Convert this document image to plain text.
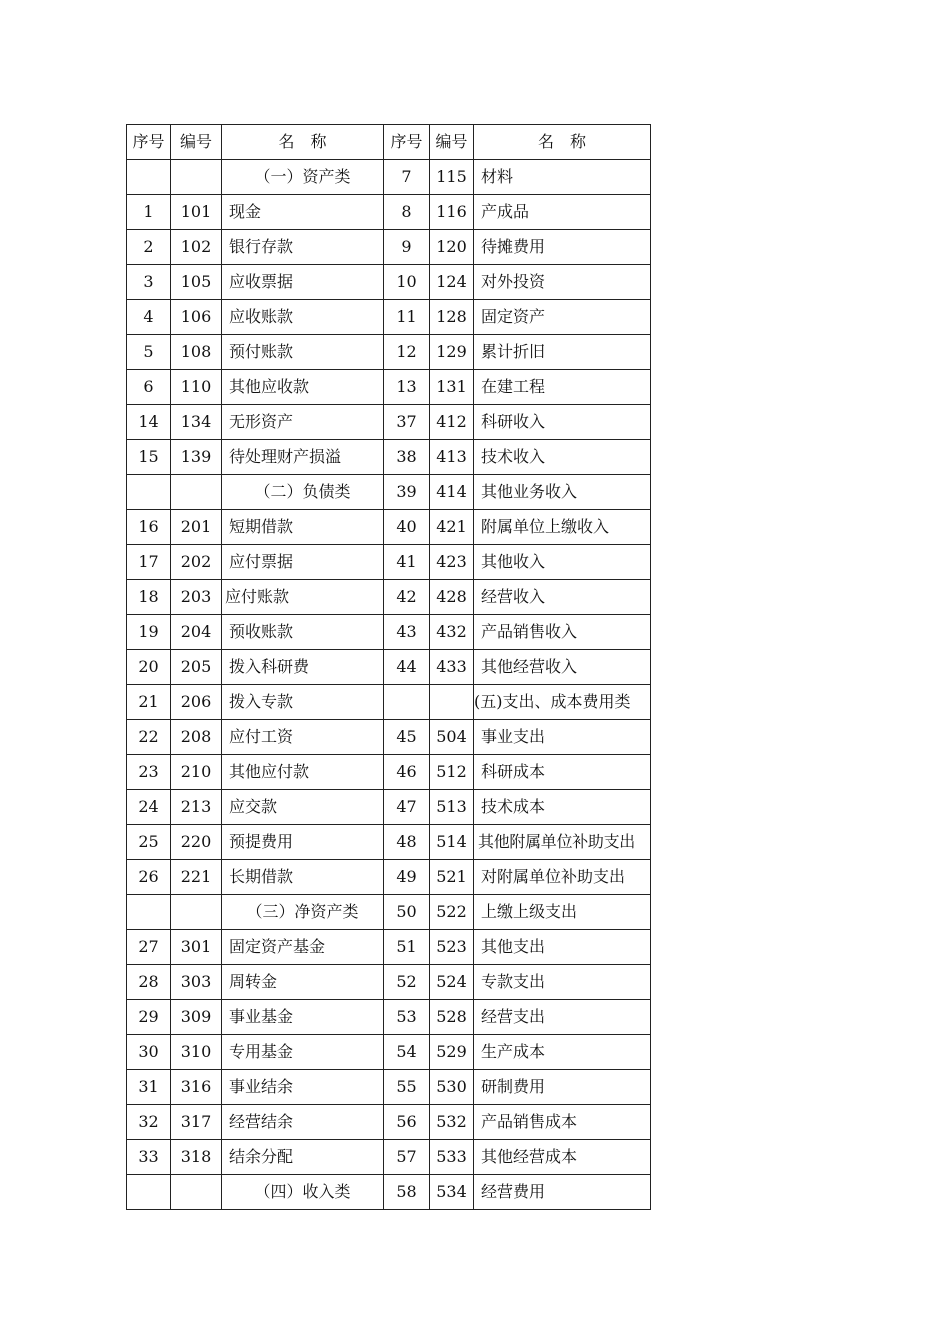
序号	编号	名　称	序号	编号	名　称
		（一）资产类	7	115	材料
1	101	现金	8	116	产成品
2	102	银行存款	9	120	待摊费用
3	105	应收票据	10	124	对外投资
4	106	应收账款	11	128	固定资产
5	108	预付账款	12	129	累计折旧
6	110	其他应收款	13	131	在建工程
14	134	无形资产	37	412	科研收入
15	139	待处理财产损溢	38	413	技术收入
		（二）负债类	39	414	其他业务收入
16	201	短期借款	40	421	附属单位上缴收入
17	202	应付票据	41	423	其他收入
18	203	应付账款	42	428	经营收入
19	204	预收账款	43	432	产品销售收入
20	205	拨入科研费	44	433	其他经营收入
21	206	拨入专款			(五)支出、成本费用类
22	208	应付工资	45	504	事业支出
23	210	其他应付款	46	512	科研成本
24	213	应交款	47	513	技术成本
25	220	预提费用	48	514	其他附属单位补助支出
26	221	长期借款	49	521	对附属单位补助支出
		（三）净资产类	50	522	上缴上级支出
27	301	固定资产基金	51	523	其他支出
28	303	周转金	52	524	专款支出
29	309	事业基金	53	528	经营支出
30	310	专用基金	54	529	生产成本
31	316	事业结余	55	530	研制费用
32	317	经营结余	56	532	产品销售成本
33	318	结余分配	57	533	其他经营成本
		（四）收入类	58	534	经营费用
